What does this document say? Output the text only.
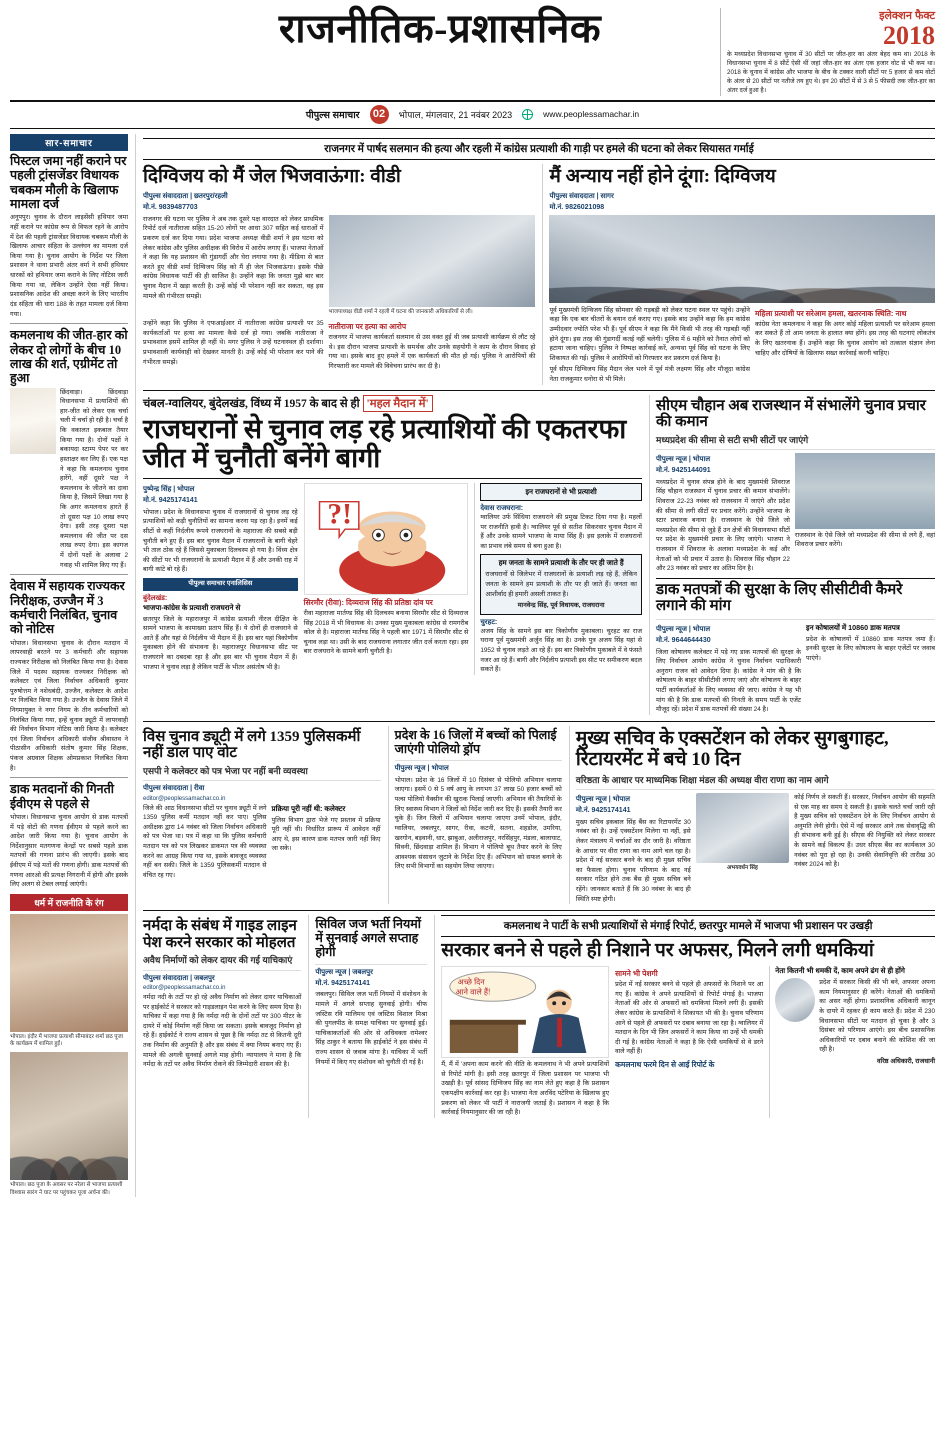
राजनीतिक-प्रशासनिक	इलेक्शन फैक्ट
2018
के मध्यप्रदेश विधानसभा चुनाव में 30 सीटों पर जीत-हार का अंतर बेहद कम था। 2018 के विधानसभा चुनाव में 8 सीटें ऐसी थीं जहां जीत-हार का अंतर एक हजार वोट से भी कम था। 2018 के चुनाव में कांग्रेस और भाजपा के बीच के टक्कर वाली सीटों पर 5 हजार से कम वोटों के अंतर से 20 सीटों पर नतीजे तय हुए थे। इन 20 सीटों में से 3 से 5 फीसदी तक जीत-हार का अंतर दर्ज हुआ है।
पीपुल्स समाचार	02	भोपाल, मंगलवार, 21 नवंबर 2023	www.peoplessamachar.in
सार-समाचार
पिस्टल जमा नहीं कराने पर पहली ट्रांसजेंडर विधायक चबकम मौली के खिलाफ मामला दर्ज
अनूपपुर। चुनाव के दौरान लाइसेंसी हथियार जमा नहीं कराने पर कांग्रेस रूप से विफल रहने के आरोप में देश की पहली ट्रांसजेंडर विधायक चबकम मौली के खिलाफ आचार संहिता के उल्लंघन का मामला दर्ज किया गया है। चुनाव आयोग के निर्देश पर जिला प्रशासन ने थाना प्रभारी अंतर वर्मा ने सभी हथियार धारकों को हथियार जमा कराने के लिए नोटिस जारी किया गया था, लेकिन उन्होंने ऐसा नहीं किया। प्रशासनिक आदेश की अवज्ञा करने के लिए भारतीय दंड संहिता की धारा 188 के तहत मामला दर्ज किया गया।
कमलनाथ की जीत-हार को लेकर दो लोगों के बीच 10 लाख की शर्त, एग्रीमेंट तो हुआ
छिंदवाड़ा। छिंदवाड़ा विधानसभा में प्रत्याशियों की हार-जीत को लेकर एक चर्चा चली में चर्चा हो रही है। चर्चा है कि वकालत इकबाल तैयार किया गया है। दोनों पक्षों ने बकायदा स्टाम्प पेपर पर कर हस्ताक्षर कर लिए हैं। एक पक्ष ने कहा कि कमलनाथ चुनाव हारेंगे, वहीं दूसरे पक्ष ने कमलनाथ के जीतने का दावा किया है, जिसमें लिखा गया है कि अगर कमलनाथ हारते हैं तो दूसरा पक्ष 10 लाख रुपए देगा। इसी तरह दूसरा पक्ष कमलनाथ की जीत पर दस लाख रुपए देगा। इस कागज में दोनों पक्षों के अलावा 2 गवाह भी शामिल किए गए हैं।
देवास में सहायक राज्यकर निरीक्षक, उज्जैन में 3 कर्मचारी निलंबित, चुनाव को नोटिस
भोपाल। विधानसभा चुनाव के दौरान मतदान में लापरवाही बरतने पर 3 कर्मचारी और सहायक राज्यकर निरीक्षक को निलंबित किया गया है। देवास जिले में पदस्थ सहायक राज्यकर निरीक्षक को कलेक्टर एवं जिला निर्वाचन अधिकारी कुमार पुरुषोत्तम ने नशेधबंदी, उज्जैन, कलेक्टर के आदेश पर निलंबित किया गया है। उज्जैन के देवास जिले में निगमायुक्त ने नगर निगम के तीन कर्मचारियों को निलंबित किया गया, इन्हें चुनाव ड्यूटी में लापरवाही की निर्वाचन विभाग नोटिस जारी किया है। कलेक्टर एवं जिला निर्वाचन अधिकारी संजीव श्रीवास्तव ने पीठासीन अधिकारी संतोष कुमार सिंह शिक्षक, पंकज अग्रवाल शिक्षक ओमप्रकाश निलंबित किया है।
डाक मतदानों की गिनती ईवीएम से पहले से
भोपाल। विधानसभा चुनाव आयोग से डाक मतपत्रों में पड़े वोटों की गणना ईवीएम से पहले करने का आदेश जारी किया गया है। चुनाव आयोग के निर्देशानुसार मतगणना केन्द्रों पर सबसे पहले डाक मतपत्रों की गणना प्रारंभ की जाएगी। इसके बाद ईवीएम में पड़े मतों की गणना होगी। डाक मतपत्रों की गणना आरओ की प्रत्यक्ष निगरानी में होगी और इसके लिए अलग से टेबल लगाई जाएंगी।
धर्म में राजनीति के रंग
भोपाल। इंदौर में भाजपा प्रत्याशी सीमाबंदर शर्मा छठ पूजा के कार्यक्रम में शामिल हुईं।
भोपाल। छठ पूजा के अवसर पर नरेला से भाजपा प्रत्याशी विश्वास सारंग ने घाट पर पहुंचकर पूजा अर्चना की।
राजनगर में पार्षद सलमान की हत्या और रहली में कांग्रेस प्रत्याशी की गाड़ी पर हमले की घटना को लेकर सियासत गर्माई
दिग्विजय को मैं जेल भिजवाऊंगा: वीडी
पीपुल्स संवाददाता | छतरपुर/रहली
मो.नं. 9839487703
राजनगर की घटना पर पुलिस ने अब तक दूसरे पक्ष वारदात को लेकर प्राथमिक रिपोर्ट दर्ज नातीराजा सहित 15-20 लोगों पर आधा 307 सहित कई धाराओं में प्रकरण दर्ज कर दिया गया। प्रदेश भाजपा अध्यक्ष वीडी शर्मा ने इस घटना को लेकर कांग्रेस और पुलिस अधीक्षक की विरोध में आरोप लगाए हैं। भाजपा नेताओं ने कहा कि यह प्रशासन की गुंडागर्दी और घेरा लगाया गया है। मीडिया से बात करते हुए वीडी शर्मा दिग्विजय सिंह को मैं ही जेल भिजवाऊंगा। इसके पीछे कांग्रेस विधायक पार्टी की ही साजिश है। उन्होंने कहा कि जनता मुझे बार बार चुनाव मैदान में खड़ा करती है। उन्हें कोई भी परेशान नहीं कर सकता, वह इस मामले की गंभीरता समझें।
भाजपाध्यक्ष वीडी शर्मा ने रहली में घटना की जानकारी अधिकारियों से ली।
उन्होंने कहा कि पुलिस ने एफआईआर में नातीराजा कांग्रेस प्रत्याशी पर 35 कार्यकर्ताओं पर हत्या का मामला कैसे दर्ज हो गया। जबकि नातीराजा ने प्रभावशाल इसमें शामिल ही नहीं थे। मगर पुलिस ने उन्हें घटनास्थल ही दर्शाया। प्रभावशाली कार्यवाही को देखकर मानती है। उन्हें कोई भी परेशान कर पाने की गंभीरता समझें।
नातीराजा पर हत्या का आरोप
राजनगर में भाजपा कार्यकर्ता सलमान से उस वक्त हुई थी जब प्रत्याशी कार्यक्रम से लौट रहे थे। इस दौरान भाजपा प्रत्याशी के समर्थक और उनके सहयोगी ने काम के दौरान विवाद हो गया था। इसके बाद हुए हमले में एक कार्यकर्ता की मौत हो गई। पुलिस ने आरोपियों की गिरफ्तारी कर मामले की विवेचना प्रारंभ कर दी है।
मैं अन्याय नहीं होने दूंगा: दिग्विजय
पीपुल्स संवाददाता | सागर
मो.नं. 9826021098
पूर्व मुख्यमंत्री दिग्विजय सिंह सोमवार की गड़बड़ी को लेकर घटना स्थल पर पहुंचे। उन्होंने कहा कि एक बार चीतरों के बयान दर्ज कराए गए। इसके बाद उन्होंने कहा कि हम कांग्रेस उम्मीदवार ज्योति परेश भी हैं। पूर्व सीएम ने कहा कि मैंने किसी भी तरह की गड़बड़ी नहीं होने दूंगा। इस तरह की गुंडागर्दी कतई नहीं चलेगी। पुलिस में 6 महीने को तैनात लोगों को हटाया जाना चाहिए। पुलिस ने निष्पक्ष कार्रवाई करें, अन्यथा पूर्व सिंह को घटना के लिए शिकायत की गई। पुलिस ने आरोपियों को गिरफ्तार कर प्रकरण दर्ज किया है।
पूर्व सीएम दिग्विजय सिंह मैदान जेल भरने में पूर्व मंत्री लक्ष्मण सिंह और मौजूदा कांग्रेस नेता राजकुमार धनोरा से भी मिले।
महिला प्रत्याशी पर सरेआम हमला, खतरनाक स्थिति: नाथ
कांग्रेस नेता कमलनाथ ने कहा कि अगर कोई महिला प्रत्याशी पर सरेआम हमला कर सकते हैं तो आम जनता के हालात क्या होंगे। इस तरह की घटनाएं लोकतंत्र के लिए खतरनाक हैं। उन्होंने कहा कि चुनाव आयोग को तत्काल संज्ञान लेना चाहिए और दोषियों के खिलाफ सख्त कार्रवाई करनी चाहिए।
चंबल-ग्वालियर, बुंदेलखंड, विंध्य में 1957 के बाद से ही 'महल मैदान में'
राजघरानों से चुनाव लड़ रहे प्रत्याशियों की एकतरफा जीत में चुनौती बनेंगे बागी
पुष्पेन्द्र सिंह | भोपाल
मो.नं. 9425174141
भोपाल। प्रदेश के विधानसभा चुनाव में राजघरानों से चुनाव लड़ रहे प्रत्याशियों को कड़ी चुनौतियों का सामना करना पड़ रहा है। इनमें कई सीटों से कहीं निर्दलीय रूपये राजघरानों के महाराजा की सबसे बड़ी चुनौती बने हुए हैं। इस बार चुनाव मैदान में राजघरानों के बागी चेहरे भी ताल ठोक रहे हैं जिससे मुकाबला दिलचस्प हो गया है। विंध्य क्षेत्र की सीटों पर भी राजघरानों के प्रत्याशी मैदान में हैं और उनकी राह में बागी कांटे बो रहे हैं।
पीपुल्स समाचार एनालिसिस
बुंदेलखंड:
भाजपा-कांग्रेस के प्रत्याशी राजघराने से
छतरपुर जिले के महाराजपुर में कांग्रेस प्रत्याशी नीरज दीक्षित के सामने भाजपा के कामाख्या प्रताप सिंह हैं। ये दोनों ही राजघराने से आते हैं और यहां से निर्दलीय भी मैदान में हैं। इस बार यहां त्रिकोणीय मुकाबला होने की संभावना है। महाराजपुर विधानसभा सीट पर राजघराने का दबदबा रहा है और इस बार भी चुनाव मैदान में हैं। भाजपा ने चुनाव लड़ा है लेकिन पार्टी के भीतर असंतोष भी है।
?!
सिरमौर (रीवा): दिव्यराज सिंह की प्रतिष्ठा दांव पर
रीवा महाराजा मार्तण्ड सिंह की दिलचस्प बनाया सिरमौर सीट से दिव्यराज सिंह 2018 में भी विधायक थे। उनका मुख्य मुकाबला कांग्रेस से रामगरीब कोल से है। महाराजा मार्तण्ड सिंह ने पहली बार 1971 में सिरमौर सीट से चुनाव लड़ा था। उसी के बाद राजघराना लगातार जीत दर्ज करता रहा। इस बार राजघराने के सामने बागी चुनौती है।
इन राजघरानों से भी प्रत्याशी
देवास राजघराना:
ग्वालियर उर्फ सिंधिया राजघराने की प्रमुख टिकट दिया गया है। महलों पर राजनीति हावी है। ग्वालियर पूर्व से सतीश सिकरवार चुनाव मैदान में हैं और उनके सामने भाजपा के माया सिंह हैं। इस इलाके में राजघरानों का प्रभाव लंबे समय से बना हुआ है।
हम जनता के सामने प्रत्याशी के तौर पर ही जाते हैं
राजघरानों से जिलेभर में राजघरानों के प्रत्याशी लड़ रहे हैं, लेकिन जनता के सामने हम प्रत्याशी के तौर पर ही जाते हैं। जनता का आशीर्वाद ही हमारी असली ताकत है।
मानवेन्द्र सिंह, पूर्व विधायक, राजघराना
चुरहट:
अजय सिंह के सामने इस बार त्रिकोणीय मुकाबला। चुरहट का राज घराना पूर्व मुख्यमंत्री अर्जुन सिंह का है। उनके पुत्र अजय सिंह यहां से 1952 से चुनाव लड़ते आ रहे हैं। इस बार त्रिकोणीय मुकाबले में वे फंसते नजर आ रहे हैं। बागी और निर्दलीय प्रत्याशी इस सीट पर समीकरण बदल सकते हैं।
सीएम चौहान अब राजस्थान में संभालेंगे चुनाव प्रचार की कमान
मध्यप्रदेश की सीमा से सटी सभी सीटों पर जाएंगे
पीपुल्स न्यूज | भोपाल
मो.नं. 9425144091
मध्यप्रदेश में चुनाव संपन्न होने के बाद मुख्यमंत्री शिवराज सिंह चौहान राजस्थान में चुनाव प्रचार की कमान संभालेंगे। शिवराज 22-23 नवंबर को राजस्थान में जाएंगे और प्रदेश की सीमा से लगी सीटों पर प्रचार करेंगे। उन्होंने भाजपा के स्टार प्रचारक बनाया है। राजस्थान के ऐसे जिले जो मध्यप्रदेश की सीमा से जुड़े हैं उन क्षेत्रों की विधानसभा सीटों पर प्रदेश के मुख्यमंत्री प्रचार के लिए जाएंगे। भाजपा ने राजस्थान में शिवराज के अलावा मध्यप्रदेश के कई और नेताओं को भी प्रचार में उतारा है। शिवराज सिंह चौहान 22 और 23 नवंबर को प्रचार का अंतिम दिन है।
राजस्थान के ऐसे जिले जो मध्यप्रदेश की सीमा से लगे हैं, वहां शिवराज प्रचार करेंगे।
डाक मतपत्रों की सुरक्षा के लिए सीसीटीवी कैमरे लगाने की मांग
पीपुल्स न्यूज | भोपाल
मो.नं. 9644644430
जिला कोषालय कलेक्टर में पड़े गए डाक मतपत्रों की सुरक्षा के लिए निर्वाचन आयोग कांग्रेस ने चुनाव निर्वाचन पदाधिकारी अनुराग राजन को आवेदन दिया है। कांग्रेस ने मांग की है कि कोषालय के बाहर सीसीटीवी लगाए जाएं और कोषालय के बाहर पार्टी कार्यकर्ताओं के लिए व्यवस्था की जाए। कांग्रेस ने यह भी मांग की है कि डाक मतपत्रों की गिनती के समय पार्टी के एजेंट मौजूद रहें। प्रदेश में डाक मतपत्रों की संख्या 24 है।
इन कोषालयों में 10860 डाक मतपत्र
प्रदेश के कोषालयों में 10860 डाक मतपत्र जमा हैं। इनकी सुरक्षा के लिए कोषालय के बाहर एजेंटों पर जवाब पाएंगे।
विस चुनाव ड्यूटी में लगे 1359 पुलिसकर्मी नहीं डाल पाए वोट
एसपी ने कलेक्टर को पत्र भेजा पर नहीं बनी व्यवस्था
पीपुल्स संवाददाता | रीवा
editor@peoplessamachar.co.in
जिले की आठ विधानसभा सीटों पर चुनाव ड्यूटी में लगे 1359 पुलिस कर्मी मतदान नहीं कर पाए। पुलिस अधीक्षक द्वारा 14 नवंबर को जिला निर्वाचन अधिकारी को पत्र भेजा था। पत्र में कहा था कि पुलिस कर्मचारी मतदान पत्र को पत्र लिखकर डाकमत पत्र की व्यवस्था करने का आग्रह किया गया था, इसके बावजूद व्यवस्था नहीं बन सकी। जिले के 1359 पुलिसकर्मी मतदान से वंचित रह गए।
प्रक्रिया पूरी नहीं थी: कलेक्टर
पुलिस विभाग द्वारा भेजे गए प्रस्ताव में प्रक्रिया पूरी नहीं थी। निर्धारित प्रारूप में आवेदन नहीं आए थे, इस कारण डाक मतपत्र जारी नहीं किए जा सके।
प्रदेश के 16 जिलों में बच्चों को पिलाई जाएंगी पोलियो ड्रॉप
पीपुल्स न्यूज | भोपाल
भोपाल। प्रदेश के 16 जिलों में 10 दिसंबर से पोलियो अभियान चलाया जाएगा। इसमें 0 से 5 वर्ष आयु के लगभग 37 लाख 50 हजार बच्चों को पल्स पोलियो वैक्सीन की खुराक पिलाई जाएगी। अभियान की तैयारियों के लिए स्वास्थ्य विभाग ने जिलों को निर्देश जारी कर दिए हैं। इसकी तैयारी कर चुके हैं। जिन जिलों में अभियान चलाया जाएगा उनमें भोपाल, इंदौर, ग्वालियर, जबलपुर, सागर, रीवा, कटनी, सतना, शहडोल, उमरिया, खरगोन, बड़वानी, धार, झाबुआ, अलीराजपुर, नरसिंहपुर, मंडला, बालाघाट, सिवनी, छिंदवाड़ा शामिल हैं। विभाग ने पोलियो बूथ तैयार करने के लिए आवश्यक संसाधन जुटाने के निर्देश दिए हैं। अभियान को सफल बनाने के लिए सभी विभागों का सहयोग लिया जाएगा।
मुख्य सचिव के एक्सटेंशन को लेकर सुगबुगाहट, रिटायरमेंट में बचे 10 दिन
वरिष्ठता के आधार पर माध्यमिक शिक्षा मंडल की अध्यक्ष वीरा राणा का नाम आगे
पीपुल्स न्यूज | भोपाल
मो.नं. 9425174141
मुख्य सचिव इकबाल सिंह बैंस का रिटायरमेंट 30 नवंबर को है। उन्हें एक्सटेंशन मिलेगा या नहीं, इसे लेकर मंत्रालय में चर्चाओं का दौर जारी है। वरिष्ठता के आधार पर वीरा राणा का नाम आगे चल रहा है। प्रदेश में नई सरकार बनने के बाद ही मुख्य सचिव का फैसला होगा। चुनाव परिणाम के बाद नई सरकार गठित होने तक बैंस ही मुख्य सचिव बने रहेंगे। जानकार बताते हैं कि 30 नवंबर के बाद ही स्थिति स्पष्ट होगी।
अभयवर्धन सिंह
कोई निर्णय ले सकती हैं। सरकार, निर्वाचन आयोग की सहमति से एक माह का समय दे सकती है। इसके चलते चर्चा जारी रही है मुख्य सचिव को एक्सटेंशन देने के लिए निर्वाचन आयोग से अनुमति लेनी होगी। ऐसे में नई सरकार आने तक सेवावृद्धि की ही संभावना बनी हुई है। सीएस की नियुक्ति को लेकर सरकार के सामने कई विकल्प हैं। उधर सीएस बैंस का कार्यकाल 30 नवंबर को पूरा हो रहा है। उनकी सेवानिवृत्ति की तारीख 30 नवंबर 2024 को है।
नर्मदा के संबंध में गाइड लाइन पेश करने सरकार को मोहलत
अवैध निर्माणों को लेकर दायर की गई याचिकाएं
पीपुल्स संवाददाता | जबलपुर
editor@peoplessamachar.co.in
नर्मदा नदी के तटों पर हो रहे अवैध निर्माण को लेकर दायर याचिकाओं पर हाईकोर्ट ने सरकार को गाइडलाइन पेश करने के लिए समय दिया है। याचिका में कहा गया है कि नर्मदा नदी के दोनों तटों पर 300 मीटर के दायरे में कोई निर्माण नहीं किया जा सकता। इसके बावजूद निर्माण हो रहे हैं। हाईकोर्ट ने राज्य शासन से पूछा है कि नर्मदा तट से कितनी दूरी तक निर्माण की अनुमति है और इस संबंध में क्या नियम बनाए गए हैं। मामले की अगली सुनवाई अगले माह होगी। न्यायालय ने माना है कि नर्मदा के तटों पर अवैध निर्माण रोकने की जिम्मेदारी शासन की है।
सिविल जज भर्ती नियमों में सुनवाई अगले सप्ताह होगी
पीपुल्स न्यूज | जबलपुर
मो.नं. 9425174141
जबलपुर। सिविल जज भर्ती नियमों में संशोधन के मामले में अगले सप्ताह सुनवाई होगी। चीफ जस्टिस रवि मालिमथ एवं जस्टिस विशाल मिश्रा की युगलपीठ के समक्ष याचिका पर सुनवाई हुई। याचिकाकर्ताओं की ओर से अधिवक्ता रामेश्वर सिंह ठाकुर ने बताया कि हाईकोर्ट ने इस संबंध में राज्य शासन से जवाब मांगा है। याचिका में भर्ती नियमों में किए गए संशोधन को चुनौती दी गई है।
कमलनाथ ने पार्टी के सभी प्रत्याशियों से मंगाई रिपोर्ट, छतरपुर मामले में भाजपा भी प्रशासन पर उखड़ी
सरकार बनने से पहले ही निशाने पर अफसर, मिलने लगी धमकियां
अच्छे दिन
आने वाले हैं!
मैं, मैं में 'अपना काम करने' की नीति के कमलनाथ ने भी अपने प्रत्याशियों से रिपोर्ट मांगी है। इसी तरह छतरपुर में जिला प्रशासन पर भाजपा भी उखड़ी है। पूर्व सांसद दिग्विजय सिंह का नाम लेते हुए कहा है कि प्रशासन एकपक्षीय कार्रवाई कर रहा है। भाजपा नेता अरविंद पटेरिया के खिलाफ हुए प्रकरण को लेकर भी पार्टी ने नाराजगी जताई है। प्रशासन ने कहा है कि कार्रवाई नियमानुसार की जा रही है।
सामने भी पेशगी
प्रदेश में नई सरकार बनने से पहले ही अफसरों के निशाने पर आ गए हैं। कांग्रेस ने अपने प्रत्याशियों से रिपोर्ट मंगाई है। भाजपा नेताओं की ओर से अफसरों को धमकियां मिलने लगी हैं। इसकी लेकर कांग्रेस के प्रत्याशियों ने शिकायत भी की है। चुनाव परिणाम आने से पहले ही अफसरों पर दबाव बनाया जा रहा है। ग्वालियर में मतदान के दिन भी जिन अफसरों ने काम किया था उन्हें भी धमकी दी गई है। कांग्रेस नेताओं ने कहा है कि ऐसी धमकियों से वे डरने वाले नहीं हैं।
कमलनाथ फरमे दिन से आई रिपोर्ट के
नेता कितनी भी धमकी दें, काम अपने ढंग से ही होंगे
प्रदेश में सरकार किसी की भी बने, अफसर अपना काम नियमानुसार ही करेंगे। नेताओं की धमकियों का असर नहीं होगा। प्रशासनिक अधिकारी कानून के दायरे में रहकर ही काम करते हैं। प्रदेश में 230 विधानसभा सीटों पर मतदान हो चुका है और 3 दिसंबर को परिणाम आएंगे। इस बीच प्रशासनिक अधिकारियों पर दबाव बनाने की कोशिश की जा रही है।
वरिष्ठ अधिकारी, राजधानी
